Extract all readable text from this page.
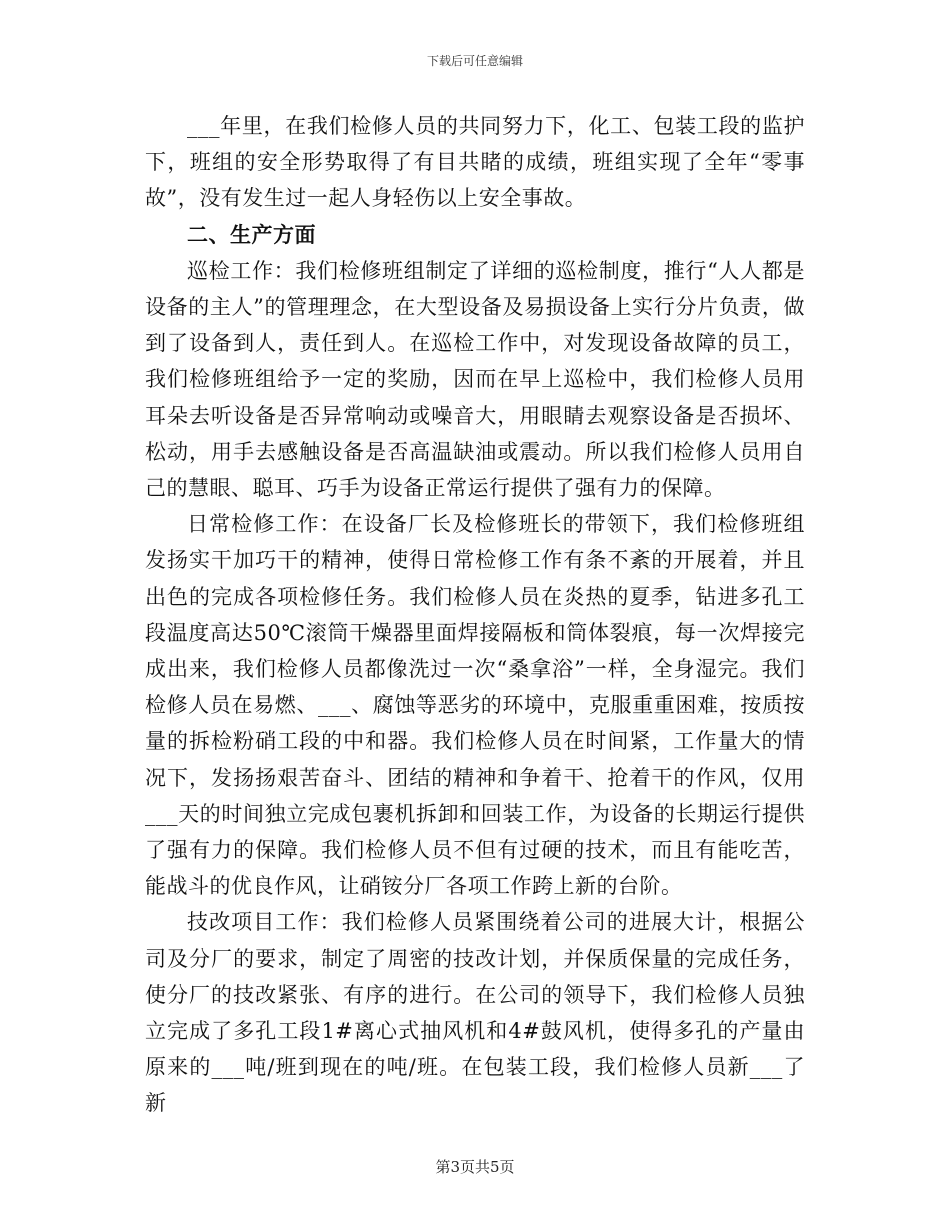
下载后可任意编辑

___年里，在我们检修人员的共同努力下，化工、包装工段的监护下，班组的安全形势取得了有目共睹的成绩，班组实现了全年“零事故”，没有发生过一起人身轻伤以上安全事故。

二、生产方面

巡检工作：我们检修班组制定了详细的巡检制度，推行“人人都是设备的主人”的管理理念，在大型设备及易损设备上实行分片负责，做到了设备到人，责任到人。在巡检工作中，对发现设备故障的员工，我们检修班组给予一定的奖励，因而在早上巡检中，我们检修人员用耳朵去听设备是否异常响动或噪音大，用眼睛去观察设备是否损坏、松动，用手去感触设备是否高温缺油或震动。所以我们检修人员用自己的慧眼、聪耳、巧手为设备正常运行提供了强有力的保障。

日常检修工作：在设备厂长及检修班长的带领下，我们检修班组发扬实干加巧干的精神，使得日常检修工作有条不紊的开展着，并且出色的完成各项检修任务。我们检修人员在炎热的夏季，钻进多孔工段温度高达50℃滚筒干燥器里面焊接隔板和筒体裂痕，每一次焊接完成出来，我们检修人员都像洗过一次“桑拿浴”一样，全身湿完。我们检修人员在易燃、___、腐蚀等恶劣的环境中，克服重重困难，按质按量的拆检粉硝工段的中和器。我们检修人员在时间紧，工作量大的情况下，发扬扬艰苦奋斗、团结的精神和争着干、抢着干的作风，仅用___天的时间独立完成包裹机拆卸和回装工作，为设备的长期运行提供了强有力的保障。我们检修人员不但有过硬的技术，而且有能吃苦，能战斗的优良作风，让硝铵分厂各项工作跨上新的台阶。

技改项目工作：我们检修人员紧围绕着公司的进展大计，根据公司及分厂的要求，制定了周密的技改计划，并保质保量的完成任务，使分厂的技改紧张、有序的进行。在公司的领导下，我们检修人员独立完成了多孔工段1#离心式抽风机和4#鼓风机，使得多孔的产量由原来的___吨/班到现在的吨/班。在包装工段，我们检修人员新___了新

第3页共5页
